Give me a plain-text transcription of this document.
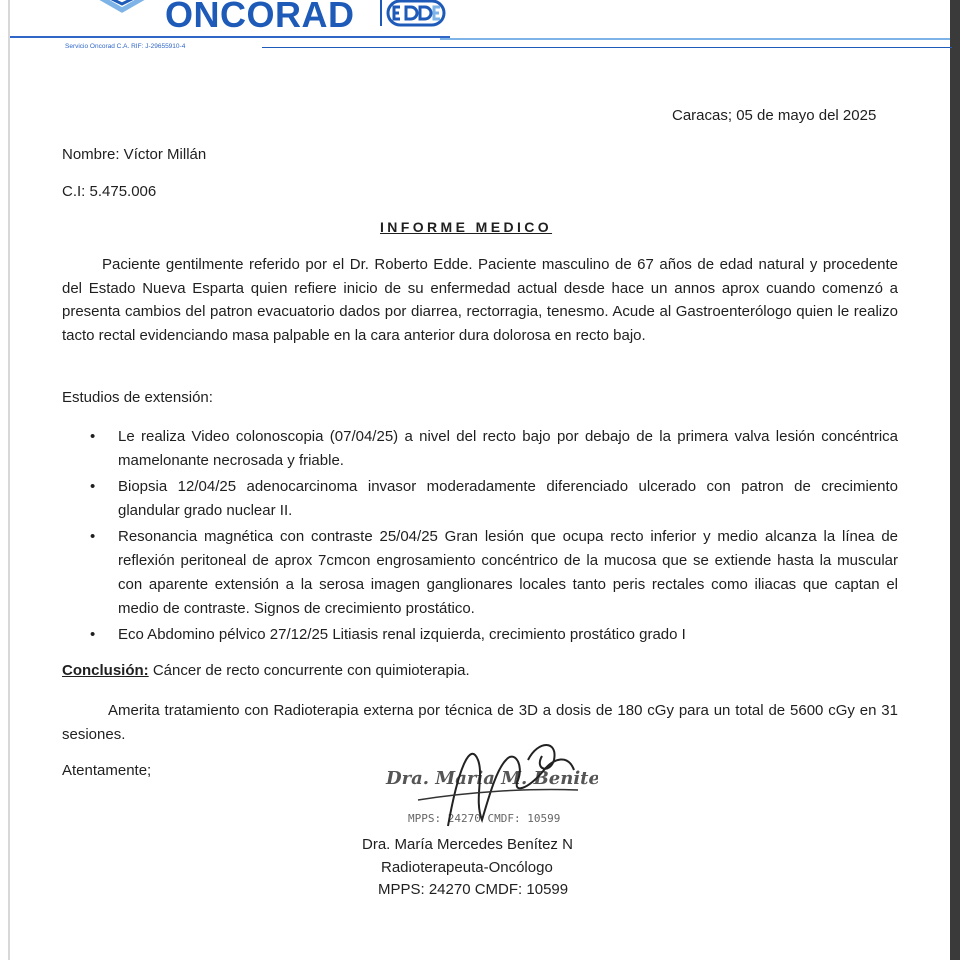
ONCORAD
Servicio Oncorad C.A. RIF: J-29655910-4
Caracas; 05 de mayo del 2025
Nombre: Víctor Millán
C.I: 5.475.006
INFORME MEDICO
Paciente gentilmente referido por el Dr. Roberto Edde. Paciente masculino de 67 años de edad natural y procedente del Estado Nueva Esparta quien refiere inicio de su enfermedad actual desde hace un annos aprox cuando comenzó a presenta cambios del patron evacuatorio dados por diarrea, rectorragia, tenesmo. Acude al Gastroenterólogo quien le realizo tacto rectal evidenciando masa palpable en la cara anterior dura dolorosa en recto bajo.
Estudios de extensión:
• Le realiza Video colonoscopia (07/04/25) a nivel del recto bajo por debajo de la primera valva lesión concéntrica mamelonante necrosada y friable.
• Biopsia 12/04/25 adenocarcinoma invasor moderadamente diferenciado ulcerado con patron de crecimiento glandular grado nuclear II.
• Resonancia magnética con contraste 25/04/25 Gran lesión que ocupa recto inferior y medio alcanza la línea de reflexión peritoneal de aprox 7cmcon engrosamiento concéntrico de la mucosa que se extiende hasta la muscular con aparente extensión a la serosa imagen ganglionares locales tanto peris rectales como iliacas que captan el medio de contraste. Signos de crecimiento prostático.
• Eco Abdomino pélvico 27/12/25 Litiasis renal izquierda, crecimiento prostático grado I
Conclusión: Cáncer de recto concurrente con quimioterapia.
Amerita tratamiento con Radioterapia externa por técnica de 3D a dosis de 180 cGy para un total de 5600 cGy en 31 sesiones.
Atentamente;	Dra. Maria M. Benitez
MPPS: 24270 CMDF: 10599
Dra. María Mercedes Benítez N
Radioterapeuta-Oncólogo
MPPS: 24270 CMDF: 10599
